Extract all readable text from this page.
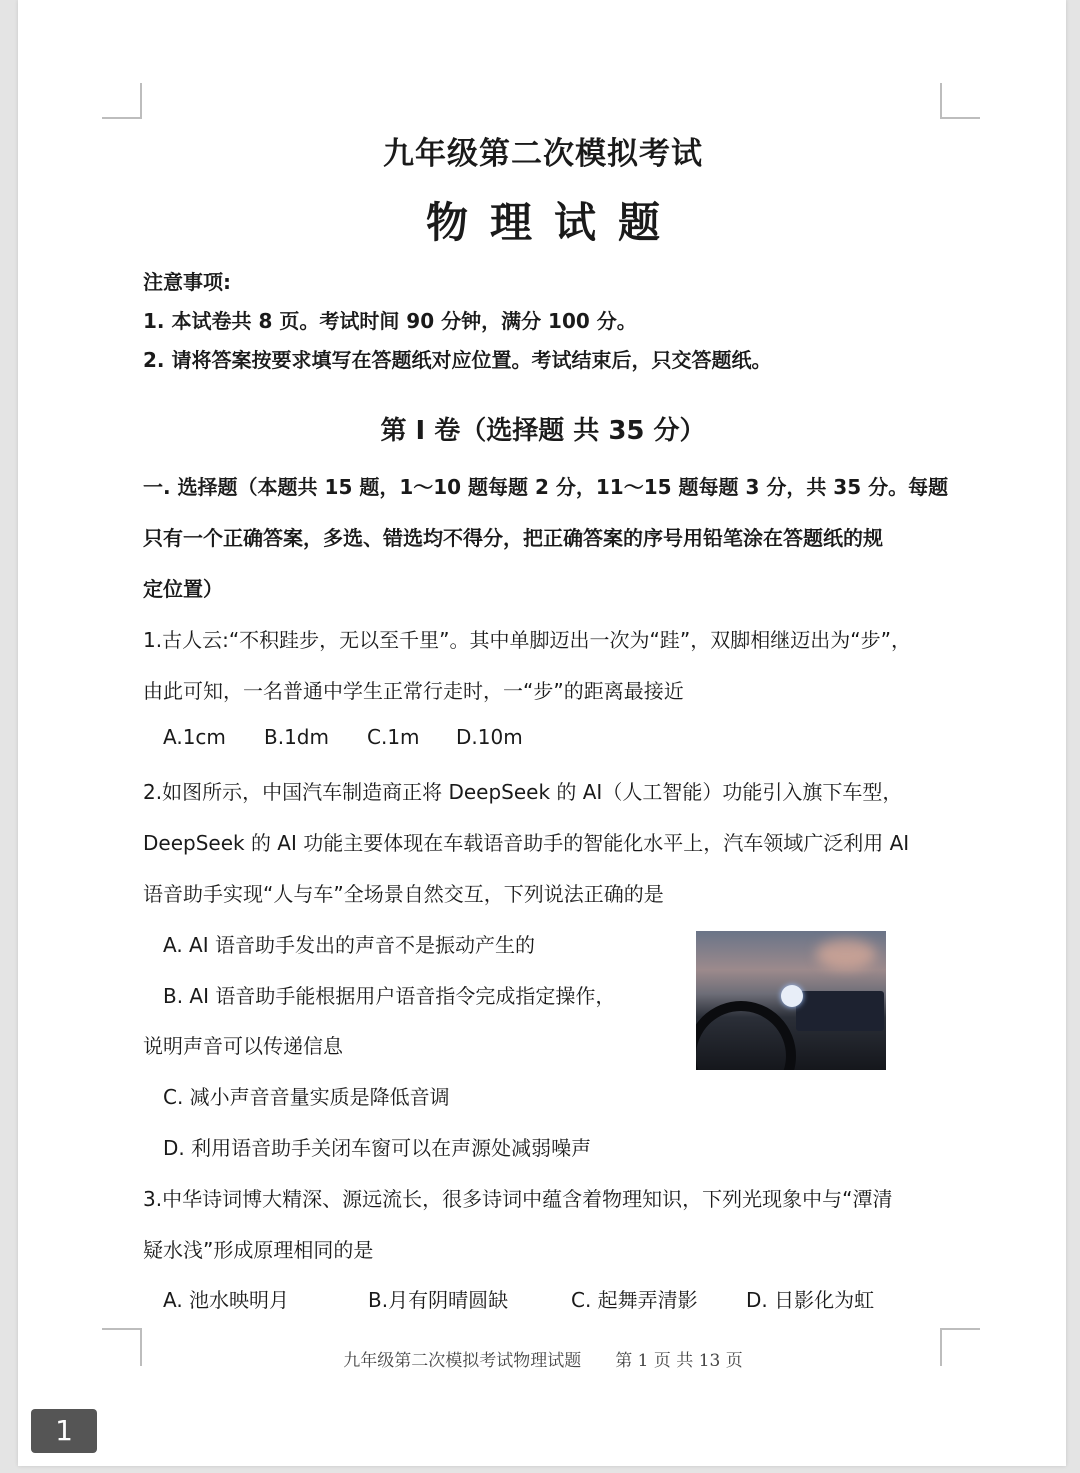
九年级第二次模拟考试
物理试题
注意事项:
1. 本试卷共 8 页。考试时间 90 分钟，满分 100 分。
2. 请将答案按要求填写在答题纸对应位置。考试结束后，只交答题纸。
第 I 卷（选择题 共 35 分）
一. 选择题（本题共 15 题，1～10 题每题 2 分，11～15 题每题 3 分，共 35 分。每题
只有一个正确答案，多选、错选均不得分，把正确答案的序号用铅笔涂在答题纸的规
定位置）
1.古人云:“不积跬步，无以至千里”。其中单脚迈出一次为“跬”，双脚相继迈出为“步”，
由此可知，一名普通中学生正常行走时，一“步”的距离最接近
A.1cm B.1dm C.1m D.10m
2.如图所示，中国汽车制造商正将 DeepSeek 的 AI（人工智能）功能引入旗下车型，
DeepSeek 的 AI 功能主要体现在车载语音助手的智能化水平上，汽车领域广泛利用 AI
语音助手实现“人与车”全场景自然交互，下列说法正确的是
A. AI 语音助手发出的声音不是振动产生的
B. AI 语音助手能根据用户语音指令完成指定操作，
说明声音可以传递信息
C. 减小声音音量实质是降低音调
D. 利用语音助手关闭车窗可以在声源处减弱噪声
3.中华诗词博大精深、源远流长，很多诗词中蕴含着物理知识，下列光现象中与“潭清
疑水浅”形成原理相同的是
A. 池水映明月	B.月有阴晴圆缺	C. 起舞弄清影 D. 日影化为虹
九年级第二次模拟考试物理试题 第 1 页 共 13 页
1
